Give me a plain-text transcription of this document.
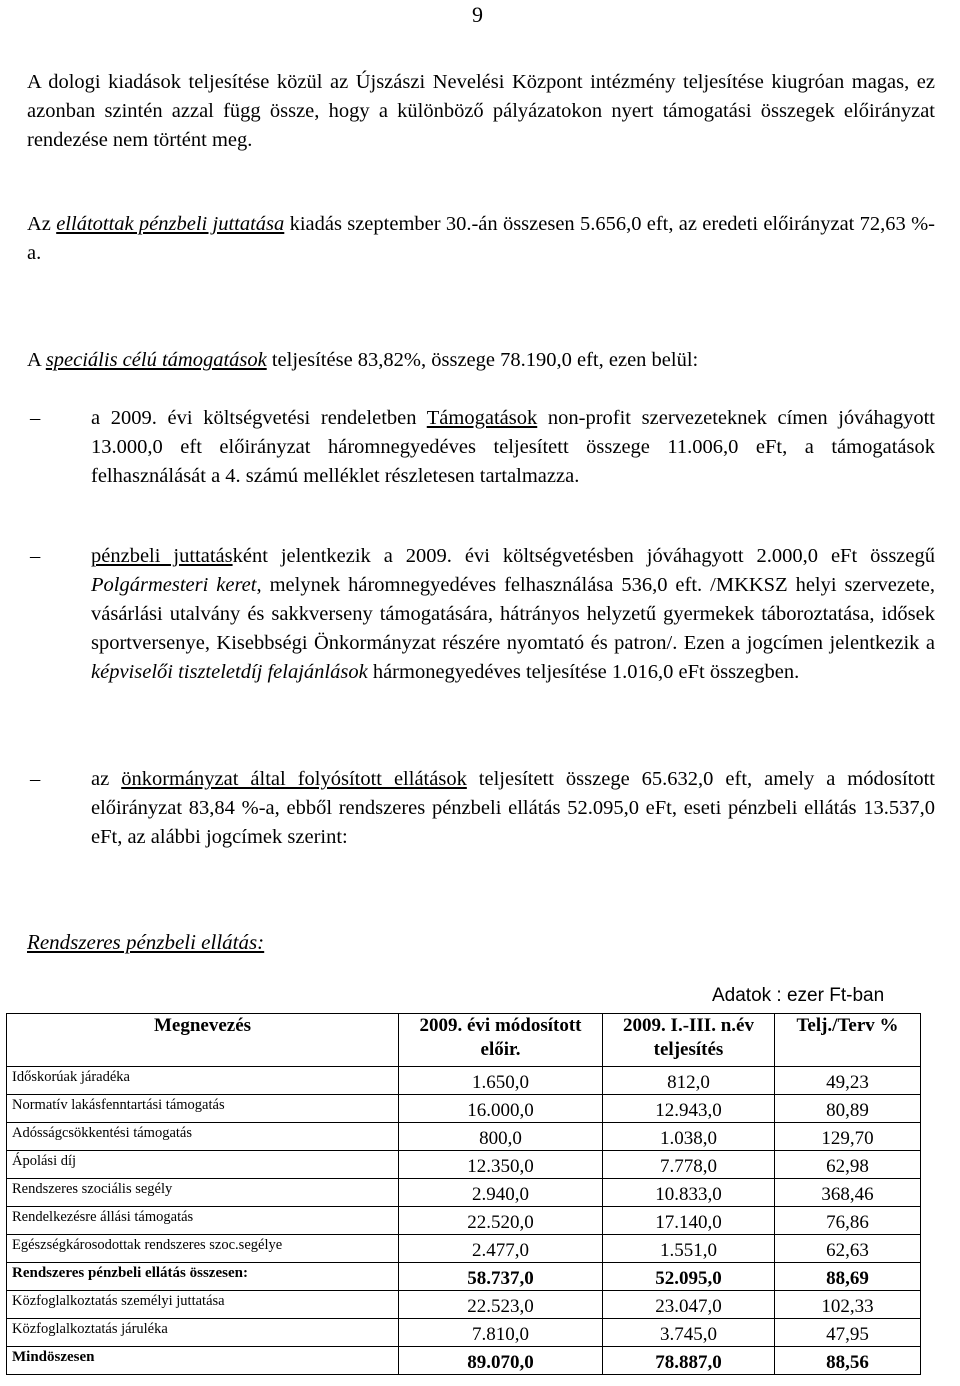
9

A dologi kiadások teljesítése közül az Újszászi Nevelési Központ intézmény teljesítése kiugróan magas, ez azonban szintén azzal függ össze, hogy a különböző pályázatokon nyert támogatási összegek előirányzat rendezése nem történt meg.

Az ellátottak pénzbeli juttatása kiadás szeptember 30.-án összesen 5.656,0 eft, az eredeti előirányzat 72,63 %-a.

A speciális célú támogatások teljesítése 83,82%, összege 78.190,0 eft, ezen belül:

– a 2009. évi költségvetési rendeletben Támogatások non-profit szervezeteknek címen jóváhagyott 13.000,0 eft előirányzat háromnegyedéves teljesített összege 11.006,0 eFt, a támogatások felhasználását a 4. számú melléklet részletesen tartalmazza.

– pénzbeli juttatásként jelentkezik a 2009. évi költségvetésben jóváhagyott 2.000,0 eFt összegű Polgármesteri keret, melynek háromnegyedéves felhasználása 536,0 eft. /MKKSZ helyi szervezete, vásárlási utalvány és sakkverseny támogatására, hátrányos helyzetű gyermekek táboroztatása, idősek sportversenye, Kisebbségi Önkormányzat részére nyomtató és patron/. Ezen a jogcímen jelentkezik a képviselői tiszteletdíj felajánlások hármonegyedéves teljesítése 1.016,0 eFt összegben.

– az önkormányzat által folyósított ellátások teljesített összege 65.632,0 eft, amely a módosított előirányzat 83,84 %-a, ebből rendszeres pénzbeli ellátás 52.095,0 eFt, eseti pénzbeli ellátás 13.537,0 eFt, az alábbi jogcímek szerint:

Rendszeres pénzbeli ellátás:
Adatok : ezer Ft-ban
Megnevezés	2009. évi módosított előir.	2009. I.-III. n.év teljesítés	Telj./Terv %
Időskorúak járadéka	1.650,0	812,0	49,23
Normatív lakásfenntartási támogatás	16.000,0	12.943,0	80,89
Adósságcsökkentési támogatás	800,0	1.038,0	129,70
Ápolási díj	12.350,0	7.778,0	62,98
Rendszeres szociális segély	2.940,0	10.833,0	368,46
Rendelkezésre állási támogatás	22.520,0	17.140,0	76,86
Egészségkárosodottak rendszeres szoc.segélye	2.477,0	1.551,0	62,63
Rendszeres pénzbeli ellátás összesen:	58.737,0	52.095,0	88,69
Közfoglalkoztatás személyi juttatása	22.523,0	23.047,0	102,33
Közfoglalkoztatás járuléka	7.810,0	3.745,0	47,95
Mindöszesen	89.070,0	78.887,0	88,56
